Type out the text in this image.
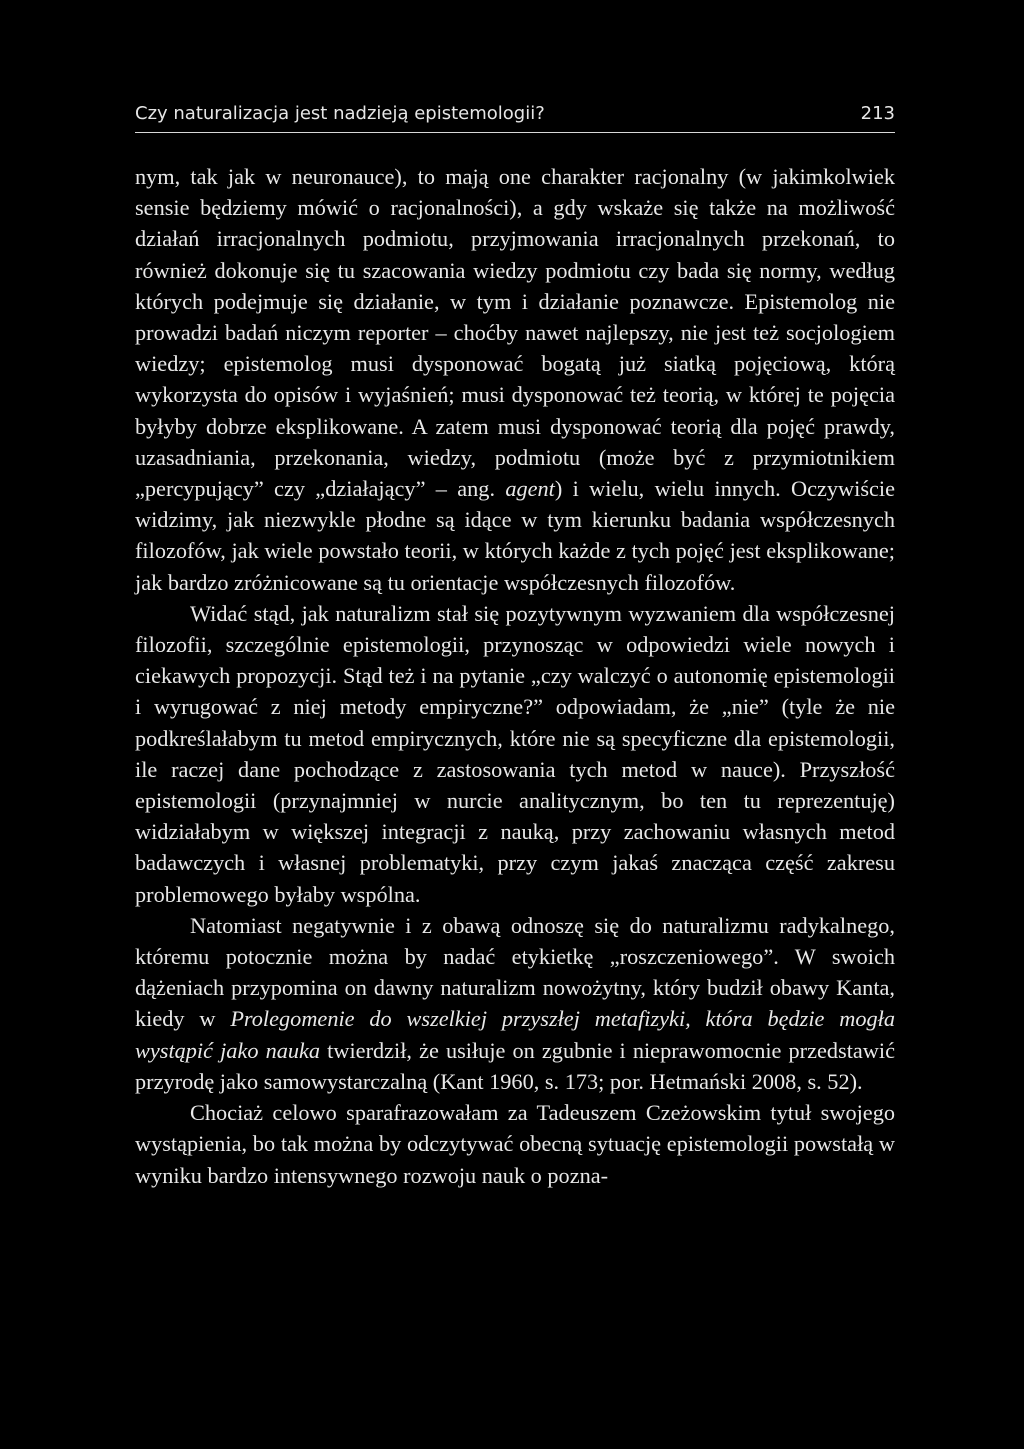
Czy naturalizacja jest nadzieją epistemologii?	213

nym, tak jak w neuronauce), to mają one charakter racjonalny (w jakimkolwiek sensie będziemy mówić o racjonalności), a gdy wskaże się także na możliwość działań irracjonalnych podmiotu, przyjmowania irracjonalnych przekonań, to również dokonuje się tu szacowania wiedzy podmiotu czy bada się normy, według których podejmuje się działanie, w tym i działanie poznawcze. Epistemolog nie prowadzi badań niczym reporter – choćby nawet najlepszy, nie jest też socjologiem wiedzy; epistemolog musi dysponować bogatą już siatką pojęciową, którą wykorzysta do opisów i wyjaśnień; musi dysponować też teorią, w której te pojęcia byłyby dobrze eksplikowane. A zatem musi dysponować teorią dla pojęć prawdy, uzasadniania, przekonania, wiedzy, podmiotu (może być z przymiotnikiem „percypujący” czy „działający” – ang. agent) i wielu, wielu innych. Oczywiście widzimy, jak niezwykle płodne są idące w tym kierunku badania współczesnych filozofów, jak wiele powstało teorii, w których każde z tych pojęć jest eksplikowane; jak bardzo zróżnicowane są tu orientacje współczesnych filozofów.

Widać stąd, jak naturalizm stał się pozytywnym wyzwaniem dla współczesnej filozofii, szczególnie epistemologii, przynosząc w odpowiedzi wiele nowych i ciekawych propozycji. Stąd też i na pytanie „czy walczyć o autonomię epistemologii i wyrugować z niej metody empiryczne?” odpowiadam, że „nie” (tyle że nie podkreślałabym tu metod empirycznych, które nie są specyficzne dla epistemologii, ile raczej dane pochodzące z zastosowania tych metod w nauce). Przyszłość epistemologii (przynajmniej w nurcie analitycznym, bo ten tu reprezentuję) widziałabym w większej integracji z nauką, przy zachowaniu własnych metod badawczych i własnej problematyki, przy czym jakaś znacząca część zakresu problemowego byłaby wspólna.

Natomiast negatywnie i z obawą odnoszę się do naturalizmu radykalnego, któremu potocznie można by nadać etykietkę „roszczeniowego”. W swoich dążeniach przypomina on dawny naturalizm nowożytny, który budził obawy Kanta, kiedy w Prolegomenie do wszelkiej przyszłej metafizyki, która będzie mogła wystąpić jako nauka twierdził, że usiłuje on zgubnie i nieprawomocnie przedstawić przyrodę jako samowystarczalną (Kant 1960, s. 173; por. Hetmański 2008, s. 52).

Chociaż celowo sparafrazowałam za Tadeuszem Czeżowskim tytuł swojego wystąpienia, bo tak można by odczytywać obecną sytuację epistemologii powstałą w wyniku bardzo intensywnego rozwoju nauk o pozna-
